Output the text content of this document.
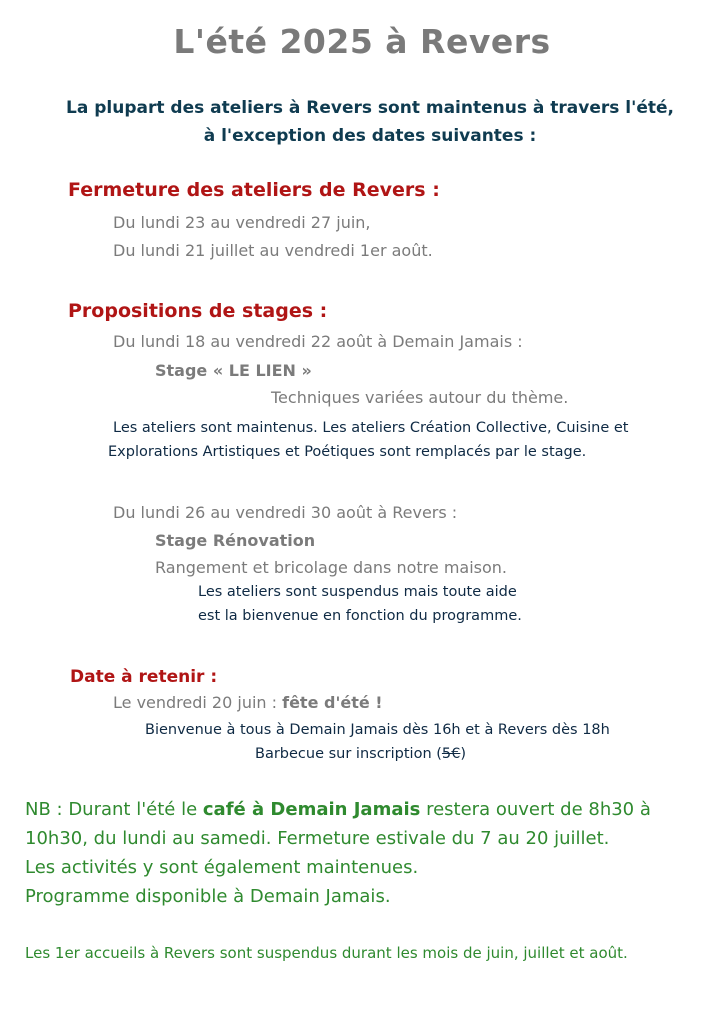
L'été 2025 à Revers
La plupart des ateliers à Revers sont maintenus à travers l'été,
à l'exception des dates suivantes :
Fermeture des ateliers de Revers :
Du lundi 23 au vendredi 27 juin,
Du lundi 21 juillet au vendredi 1er août.
Propositions de stages :
Du lundi 18 au vendredi 22 août à Demain Jamais :
Stage « LE LIEN »
Techniques variées autour du thème.
Les ateliers sont maintenus. Les ateliers Création Collective, Cuisine et
Explorations Artistiques et Poétiques sont remplacés par le stage.
Du lundi 26 au vendredi 30 août à Revers :
Stage Rénovation
Rangement et bricolage dans notre maison.
Les ateliers sont suspendus mais toute aide
est la bienvenue en fonction du programme.
Date à retenir :
Le vendredi 20 juin : fête d'été !
Bienvenue à tous à Demain Jamais dès 16h et à Revers dès 18h
Barbecue sur inscription (5€)
NB : Durant l'été le café à Demain Jamais restera ouvert de 8h30 à
10h30, du lundi au samedi. Fermeture estivale du 7 au 20 juillet.
Les activités y sont également maintenues.
Programme disponible à Demain Jamais.
Les 1er accueils à Revers sont suspendus durant les mois de juin, juillet et août.
